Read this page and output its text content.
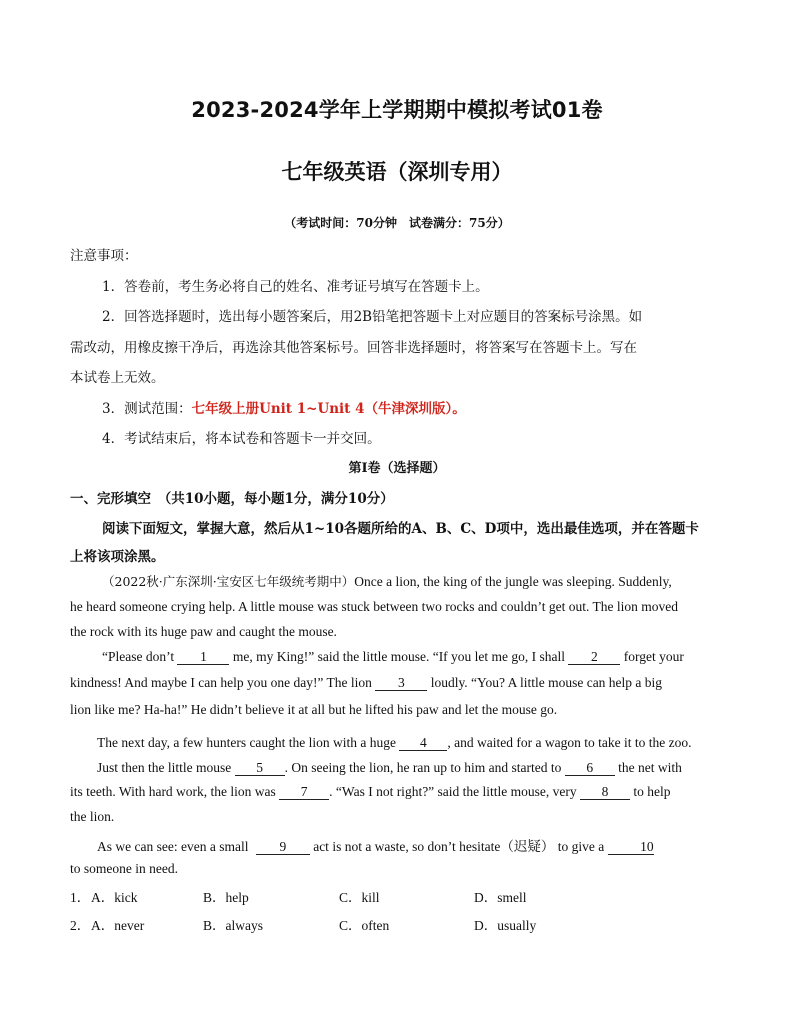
2023-2024学年上学期期中模拟考试01卷
七年级英语（深圳专用）
（考试时间：70分钟　试卷满分：75分）
注意事项：
1．答卷前，考生务必将自己的姓名、准考证号填写在答题卡上。
2．回答选择题时，选出每小题答案后，用2B铅笔把答题卡上对应题目的答案标号涂黑。如
需改动，用橡皮擦干净后，再选涂其他答案标号。回答非选择题时，将答案写在答题卡上。写在
本试卷上无效。
3．测试范围：七年级上册Unit 1~Unit 4（牛津深圳版）。
4．考试结束后，将本试卷和答题卡一并交回。
第I卷（选择题）
一、完形填空　（共10小题，每小题1分，满分10分）
阅读下面短文，掌握大意，然后从1~10各题所给的A、B、C、D项中，选出最佳选项，并在答题卡
上将该项涂黑。
（2022秋·广东深圳·宝安区七年级统考期中）Once a lion, the king of the jungle was sleeping. Suddenly,
he heard someone crying help. A little mouse was stuck between two rocks and couldn’t get out. The lion moved
the rock with its huge paw and caught the mouse.
“Please don’t 1 me, my King!” said the little mouse. “If you let me go, I shall 2 forget your
kindness! And maybe I can help you one day!” The lion 3 loudly. “You? A little mouse can help a big
lion like me? Ha-ha!” He didn’t believe it at all but he lifted his paw and let the mouse go.
The next day, a few hunters caught the lion with a huge 4 , and waited for a wagon to take it to the zoo.
Just then the little mouse 5 . On seeing the lion, he ran up to him and started to 6 the net with
its teeth. With hard work, the lion was 7 . “Was I not right?” said the little mouse, very 8 to help
the lion.
As we can see: even a small 9 act is not a waste, so don’t hesitate（迟疑） to give a	10
to someone in need.
1． A．kick	B．help	C．kill	D．smell
2． A．never	B．always	C．often	D．usually
